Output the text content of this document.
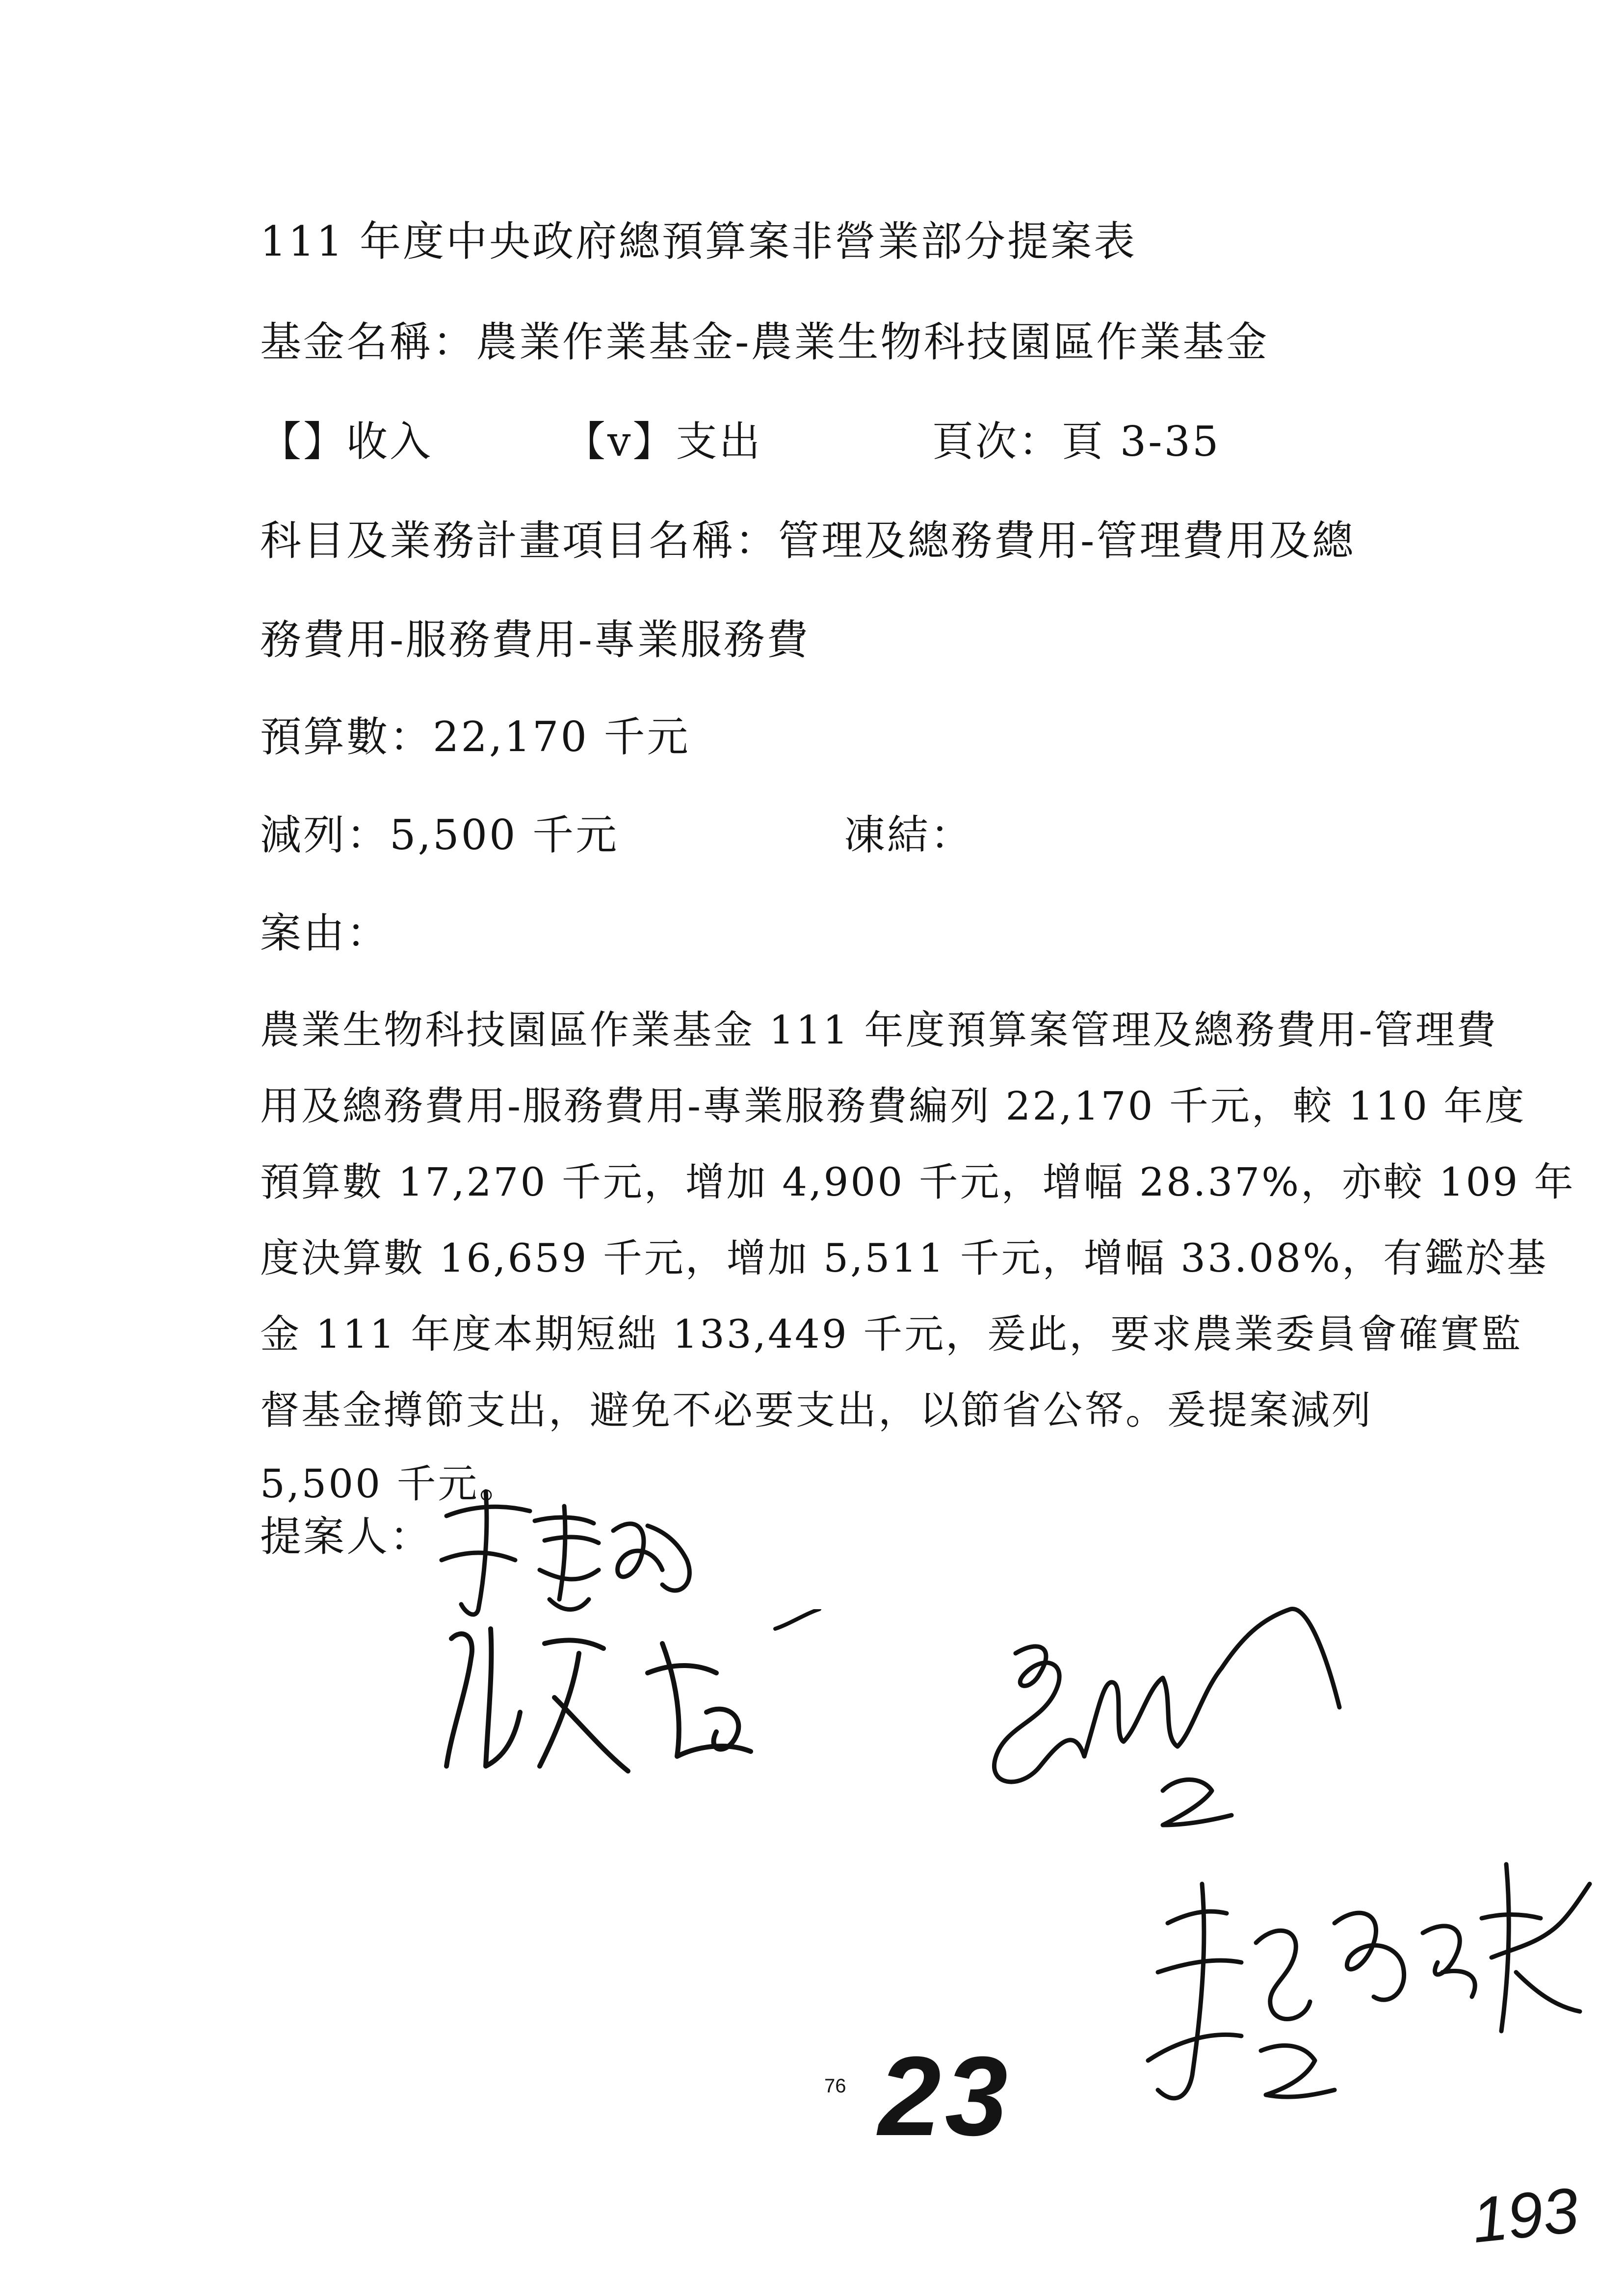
111 年度中央政府總預算案非營業部分提案表
基金名稱：農業作業基金-農業生物科技園區作業基金
【】收入	【v】支出	頁次：頁 3-35
科目及業務計畫項目名稱：管理及總務費用-管理費用及總
務費用-服務費用-專業服務費
預算數：22,170 千元
減列：5,500 千元	凍結：
案由：
農業生物科技園區作業基金 111 年度預算案管理及總務費用-管理費
用及總務費用-服務費用-專業服務費編列 22,170 千元，較 110 年度
預算數 17,270 千元，增加 4,900 千元，增幅 28.37%，亦較 109 年
度決算數 16,659 千元，增加 5,511 千元，增幅 33.08%，有鑑於基
金 111 年度本期短絀 133,449 千元，爰此，要求農業委員會確實監
督基金撙節支出，避免不必要支出，以節省公帑。爰提案減列
5,500 千元。
提案人：
76 23
193
